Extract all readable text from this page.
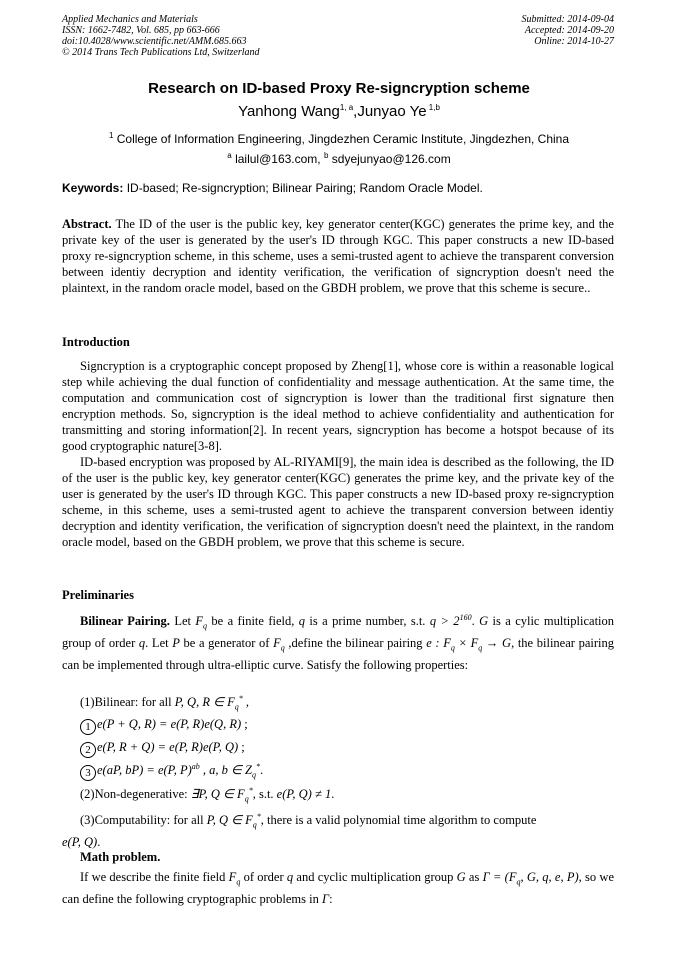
Applied Mechanics and Materials
ISSN: 1662-7482, Vol. 685, pp 663-666
doi:10.4028/www.scientific.net/AMM.685.663
© 2014 Trans Tech Publications Ltd, Switzerland
Submitted: 2014-09-04
Accepted: 2014-09-20
Online: 2014-10-27
Research on ID-based Proxy Re-signcryption scheme
Yanhong Wang$^{1, a}$,Junyao Ye $^{1,b}$
$^1$ College of Information Engineering, Jingdezhen Ceramic Institute, Jingdezhen, China
$^a$ lailul@163.com, $^b$ sdyejunyao@126.com
Keywords: ID-based; Re-signcryption; Bilinear Pairing; Random Oracle Model.

Abstract. The ID of the user is the public key, key generator center(KGC) generates the prime key, and the private key of the user is generated by the user's ID through KGC. This paper constructs a new ID-based proxy re-signcryption scheme, in this scheme, uses a semi-trusted agent to achieve the transparent conversion between identiy decryption and identity verification, the verification of signcryption doesn't need the plaintext, in the random oracle model, based on the GBDH problem, we prove that this scheme is secure..

Introduction

Signcryption is a cryptographic concept proposed by Zheng[1], whose core is within a reasonable logical step while achieving the dual function of confidentiality and message authentication. At the same time, the computation and communication cost of signcryption is lower than the traditional first signature then encryption methods. So, signcryption is the ideal method to achieve confidentiality and authentication for transmitting and storing information[2]. In recent years, signcryption has become a hotspot because of its good cryptographic nature[3-8].

ID-based encryption was proposed by AL-RIYAMI[9], the main idea is described as the following, the ID of the user is the public key, key generator center(KGC) generates the prime key, and the private key of the user is generated by the user's ID through KGC. This paper constructs a new ID-based proxy re-signcryption scheme, in this scheme, uses a semi-trusted agent to achieve the transparent conversion between identiy decryption and identity verification, the verification of signcryption doesn't need the plaintext, in the random oracle model, based on the GBDH problem, we prove that this scheme is secure.

Preliminaries

Bilinear Pairing. Let $F_q$ be a finite field, q is a prime number, s.t. $q > 2^{160}$. G is a cylic multiplication group of order q. Let P be a generator of $F_q$ ,define the bilinear pairing e : $F_q \times F_q \to G$, the bilinear pairing can be implemented through ultra-elliptic curve. Satisfy the following properties:

(1)Bilinear: for all P, Q, R ∈ $F_q^*$ ,
1 e(P + Q, R) = e(P, R)e(Q, R) ;
2 e(P, R + Q) = e(P, R)e(P, Q) ;
3 e(aP, bP) = e(P, P)$^{ab}$ , a, b ∈ $Z_q^*$.
(2)Non-degenerative: ∃P, Q ∈ $F_q^*$, s.t. e(P, Q) ≠ 1.

(3)Computability: for all P, Q ∈ $F_q^*$, there is a valid polynomial time algorithm to compute

e(P, Q).

Math problem.

If we describe the finite field $F_q$ of order q and cyclic multiplication group G as $\Gamma = (F_q$, G, q, e, P), so we can define the following cryptographic problems in Γ:
